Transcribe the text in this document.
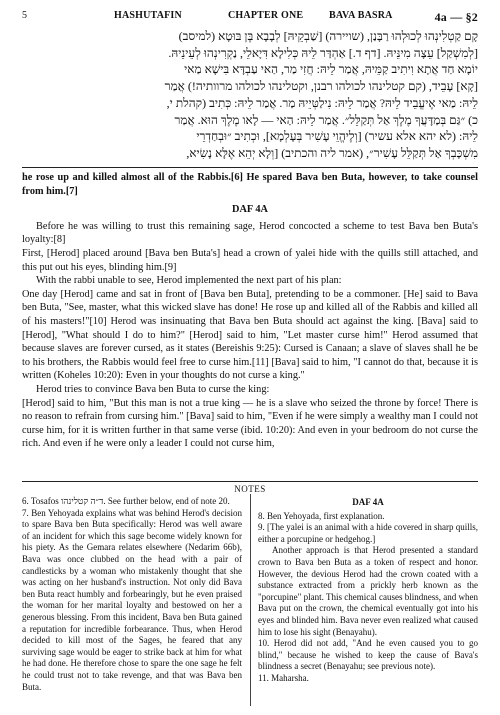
5	HASHUTAFIN	CHAPTER ONE	BAVA BASRA	4a — §2
קָם קַטְלִינְהוּ לְכוּלְהוּ רַבָּנַן, (שויירה) [שַׁבְקֵיהּ] לְבָבָא בֶּן בּוּטָא (למיסב)
[לְמִשְׁקַל] עֵצָה מִינֵּיהּ. [דף ד.] אַהְדַּר לֵיהּ כְּלִילָא דִּיָאלֵי, נַקְרִינְהוּ לְעֵינֵיהּ.
יוֹמָא חַד אֲתָא וִיתִיב קַמֵּיהּ, אֲמַר לֵיהּ: חֲזִי מַר, הַאי עַבְדָּא בִּישָׁא מַאי
[קָא] עָבֵיד, (קם קטלינהו לכולהו רבנן, וקטלינהו לכולהו מרוותיה!) אֲמַר
לֵיהּ: מַאי אֶיעֱבֵיד לֵיהּ? אֲמַר לֵיהּ: נִילַטְּיֵיהּ מַר. אֲמַר לֵיהּ: כְּתִיב (קהלת י,
כ) ״גַּם בְּמַדָּעֲךָ מֶלֶךְ אַל תְּקַלֵּל״. אֲמַר לֵיהּ: הַאי — לָאו מֶלֶךְ הוּא. אֲמַר
לֵיהּ: (לא יהא אלא עשיר) [וְלֶיהֱוֵי עָשִׁיר בְּעָלְמָא], וּכְתִיב ״וּבְחַדְרֵי
מִשְׁכָּבְךָ אַל תְּקַלֵּל עָשִׁיר״, (אמר ליה והכתיב) [וְלָא יְהֵא אֶלָּא נָשִׂיא,

he rose up and killed almost all of the Rabbis.[6] He spared Bava ben Buta, however, to take counsel from him.[7]

DAF 4A

Before he was willing to trust this remaining sage, Herod concocted a scheme to test Bava ben Buta's loyalty:[8]

First, [Herod] placed around [Bava ben Buta's] head a crown of yalei hide with the quills still attached, and this put out his eyes, blinding him.[9]

With the rabbi unable to see, Herod implemented the next part of his plan:

One day [Herod] came and sat in front of [Bava ben Buta], pretending to be a commoner. [He] said to Bava ben Buta, "See, master, what this wicked slave has done! He rose up and killed all of the Rabbis and killed all of his masters!"[10] Herod was insinuating that Bava ben Buta should act against the king. [Bava] said to [Herod], "What should I do to him?" [Herod] said to him, "Let master curse him!" Herod assumed that because slaves are forever cursed, as it states (Bereishis 9:25): Cursed is Canaan; a slave of slaves shall he be to his brothers, the Rabbis would feel free to curse him.[11] [Bava] said to him, "I cannot do that, because it is written (Koheles 10:20): Even in your thoughts do not curse a king."

Herod tries to convince Bava ben Buta to curse the king:

[Herod] said to him, "But this man is not a true king — he is a slave who seized the throne by force! There is no reason to refrain from cursing him." [Bava] said to him, "Even if he were simply a wealthy man I could not curse him, for it is written further in that same verse (ibid. 10:20): And even in your bedroom do not curse the rich. And even if he were only a leader I could not curse him,

NOTES

6. Tosafos ד״ה קטלינהו. See further below, end of note 20.

7. Ben Yehoyada explains what was behind Herod's decision to spare Bava ben Buta specifically: Herod was well aware of an incident for which this sage become widely known for his piety. As the Gemara relates elsewhere (Nedarim 66b), Bava was once clubbed on the head with a pair of candlesticks by a woman who mistakenly thought that she was acting on her husband's instruction. Not only did Bava ben Buta react humbly and forbearingly, but he even praised the woman for her marital loyalty and bestowed on her a generous blessing. From this incident, Bava ben Buta gained a reputation for incredible forbearance. Thus, when Herod decided to kill most of the Sages, he feared that any surviving sage would be eager to strike back at him for what he had done. He therefore chose to spare the one sage he felt he could trust not to take revenge, and that was Bava ben Buta.

DAF 4A

8. Ben Yehoyada, first explanation.

9. [The yalei is an animal with a hide covered in sharp quills, either a porcupine or hedgehog.]

Another approach is that Herod presented a standard crown to Bava ben Buta as a token of respect and honor. However, the devious Herod had the crown coated with a substance extracted from a prickly herb known as the "porcupine" plant. This chemical causes blindness, and when Bava put on the crown, the chemical eventually got into his eyes and blinded him. Bava never even realized what caused him to lose his sight (Benayahu).

10. Herod did not add, "And he even caused you to go blind," because he wished to keep the cause of Bava's blindness a secret (Benayahu; see previous note).

11. Maharsha.
